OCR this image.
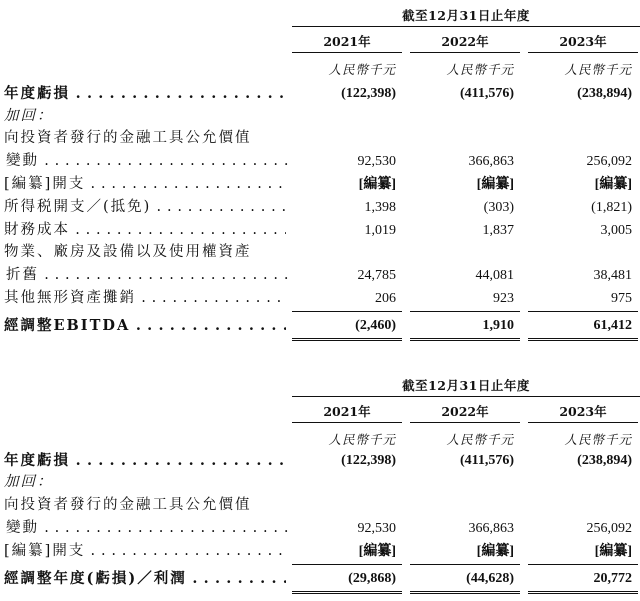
截至12月31日止年度
2021年	2022年	2023年
人民幣千元	人民幣千元	人民幣千元
年度虧損 . . .	(122,398)	(411,576)	(238,894)
加回：
向投資者發行的金融工具公允價值
變動 . . .	92,530	366,863	256,092
[編纂]開支 . . .	[編纂]	[編纂]	[編纂]
所得税開支／(抵免) . . .	1,398	(303)	(1,821)
財務成本 . . .	1,019	1,837	3,005
物業、廠房及設備以及使用權資產
折舊 . . .	24,785	44,081	38,481
其他無形資產攤銷 . . .	206	923	975
經調整EBITDA . . .	(2,460)	1,910	61,412
截至12月31日止年度
2021年	2022年	2023年
人民幣千元	人民幣千元	人民幣千元
年度虧損 . . .	(122,398)	(411,576)	(238,894)
加回：
向投資者發行的金融工具公允價值
變動 . . .	92,530	366,863	256,092
[編纂]開支 . . .	[編纂]	[編纂]	[編纂]
經調整年度(虧損)／利潤 . . .	(29,868)	(44,628)	20,772
